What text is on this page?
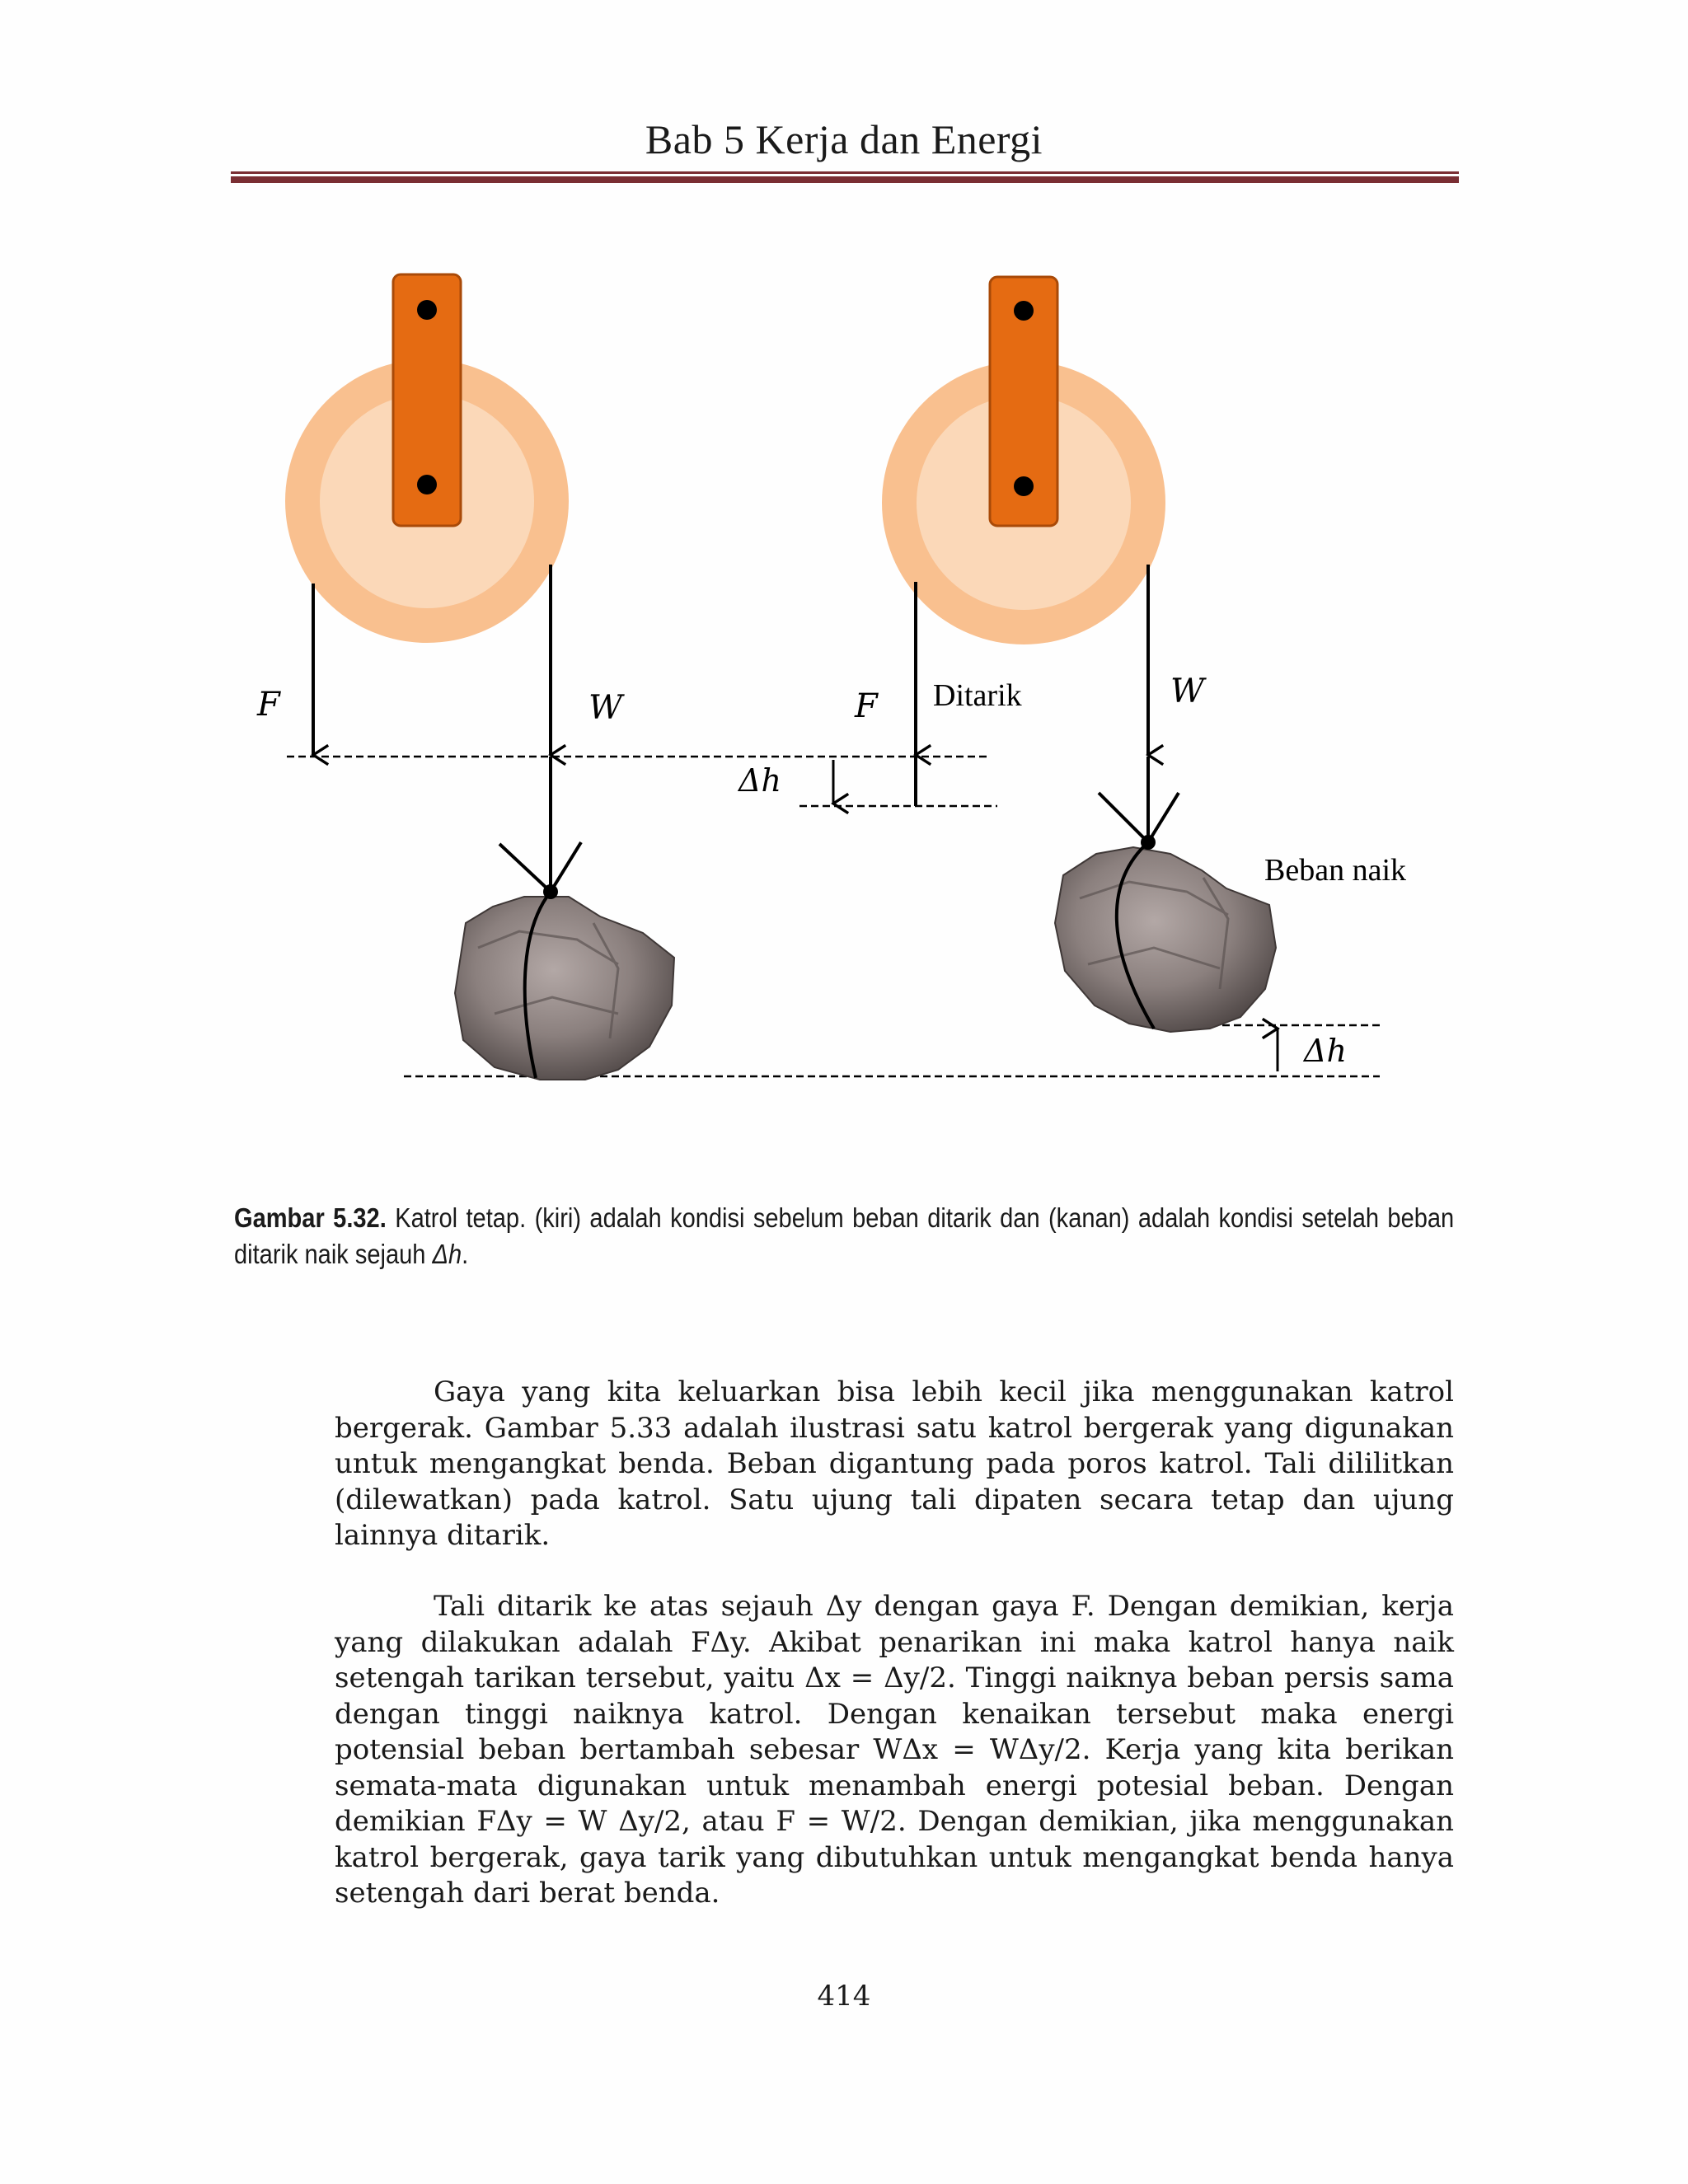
Bab 5 Kerja dan Energi
F	W	F Ditarik	W
Δh
Beban naik
Δh
Gambar 5.32. Katrol tetap. (kiri) adalah kondisi sebelum beban ditarik dan (kanan) adalah kondisi setelah beban ditarik naik sejauh Δh.

Gaya yang kita keluarkan bisa lebih kecil jika menggunakan katrol bergerak. Gambar 5.33 adalah ilustrasi satu katrol bergerak yang digunakan untuk mengangkat benda. Beban digantung pada poros katrol. Tali dililitkan (dilewatkan) pada katrol. Satu ujung tali dipaten secara tetap dan ujung lainnya ditarik.

Tali ditarik ke atas sejauh Δy dengan gaya F. Dengan demikian, kerja yang dilakukan adalah FΔy. Akibat penarikan ini maka katrol hanya naik setengah tarikan tersebut, yaitu Δx = Δy/2. Tinggi naiknya beban persis sama dengan tinggi naiknya katrol. Dengan kenaikan tersebut maka energi potensial beban bertambah sebesar WΔx = WΔy/2. Kerja yang kita berikan semata-mata digunakan untuk menambah energi potesial beban. Dengan demikian FΔy = W Δy/2, atau F = W/2. Dengan demikian, jika menggunakan katrol bergerak, gaya tarik yang dibutuhkan untuk mengangkat benda hanya setengah dari berat benda.

414
